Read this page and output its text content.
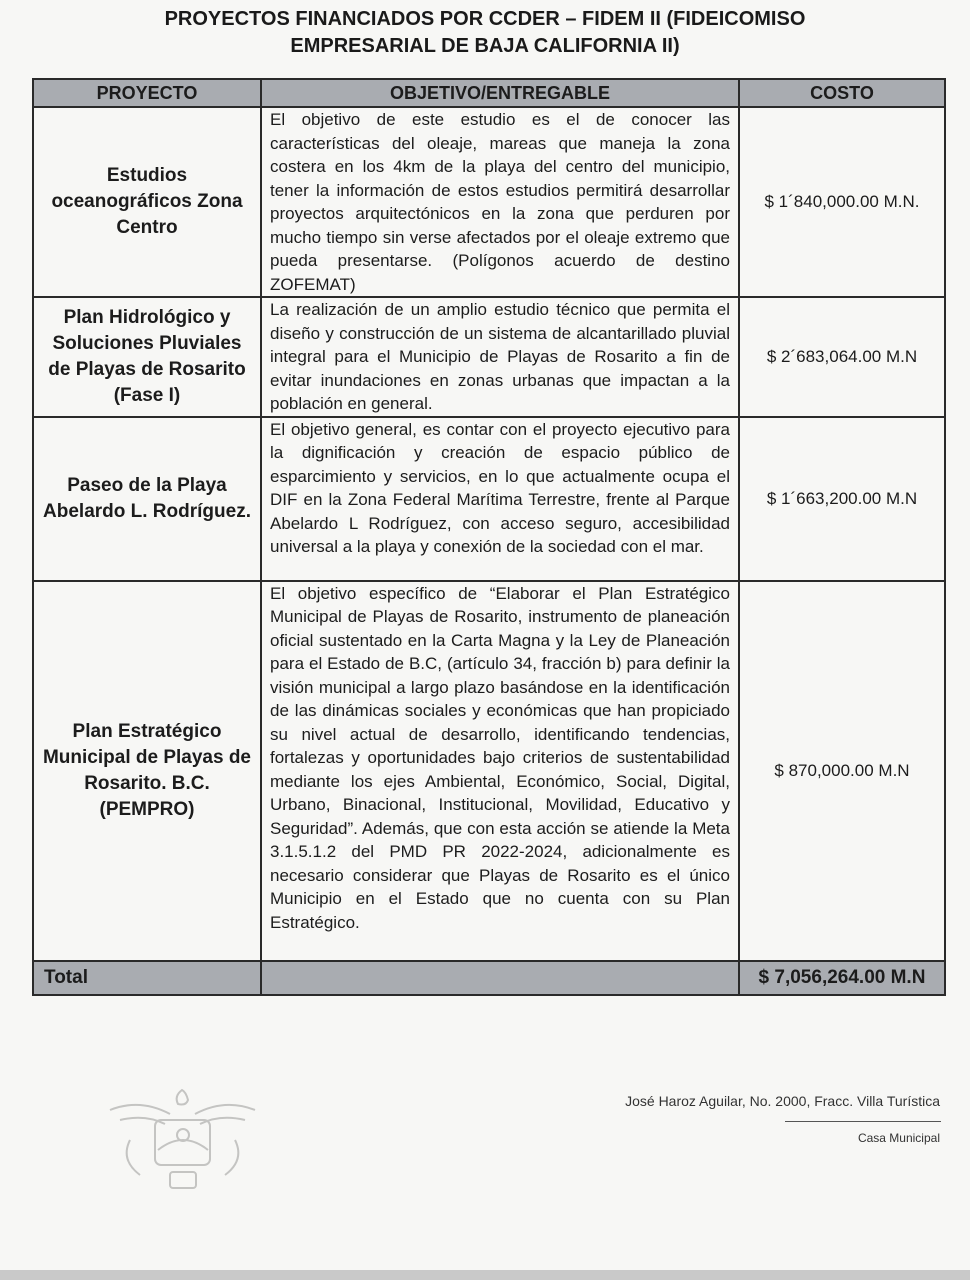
PROYECTOS FINANCIADOS POR CCDER – FIDEM II (FIDEICOMISO
EMPRESARIAL DE BAJA CALIFORNIA II)
PROYECTO	OBJETIVO/ENTREGABLE	COSTO
Estudios oceanográficos Zona Centro	El objetivo de este estudio es el de conocer las características del oleaje, mareas que maneja la zona costera en los 4km de la playa del centro del municipio, tener la información de estos estudios permitirá desarrollar proyectos arquitectónicos en la zona que perduren por mucho tiempo sin verse afectados por el oleaje extremo que pueda presentarse. (Polígonos acuerdo de destino ZOFEMAT)	$ 1´840,000.00 M.N.
Plan Hidrológico y Soluciones Pluviales de Playas de Rosarito (Fase I)	La realización de un amplio estudio técnico que permita el diseño y construcción de un sistema de alcantarillado pluvial integral para el Municipio de Playas de Rosarito a fin de evitar inundaciones en zonas urbanas que impactan a la población en general.	$ 2´683,064.00 M.N
Paseo de la Playa Abelardo L. Rodríguez.	El objetivo general, es contar con el proyecto ejecutivo para la dignificación y creación de espacio público de esparcimiento y servicios, en lo que actualmente ocupa el DIF en la Zona Federal Marítima Terrestre, frente al Parque Abelardo L Rodríguez, con acceso seguro, accesibilidad universal a la playa y conexión de la sociedad con el mar.	$ 1´663,200.00 M.N
Plan Estratégico Municipal de Playas de Rosarito. B.C. (PEMPRO)	El objetivo específico de “Elaborar el Plan Estratégico Municipal de Playas de Rosarito, instrumento de planeación oficial sustentado en la Carta Magna y la Ley de Planeación para el Estado de B.C, (artículo 34, fracción b) para definir la visión municipal a largo plazo basándose en la identificación de las dinámicas sociales y económicas que han propiciado su nivel actual de desarrollo, identificando tendencias, fortalezas y oportunidades bajo criterios de sustentabilidad mediante los ejes Ambiental, Económico, Social, Digital, Urbano, Binacional, Institucional, Movilidad, Educativo y Seguridad”. Además, que con esta acción se atiende la Meta 3.1.5.1.2 del PMD PR 2022-2024, adicionalmente es necesario considerar que Playas de Rosarito es el único Municipio en el Estado que no cuenta con su Plan Estratégico.	$ 870,000.00 M.N
Total		$ 7,056,264.00 M.N
José Haroz Aguilar, No. 2000, Fracc. Villa Turística
Casa Municipal
